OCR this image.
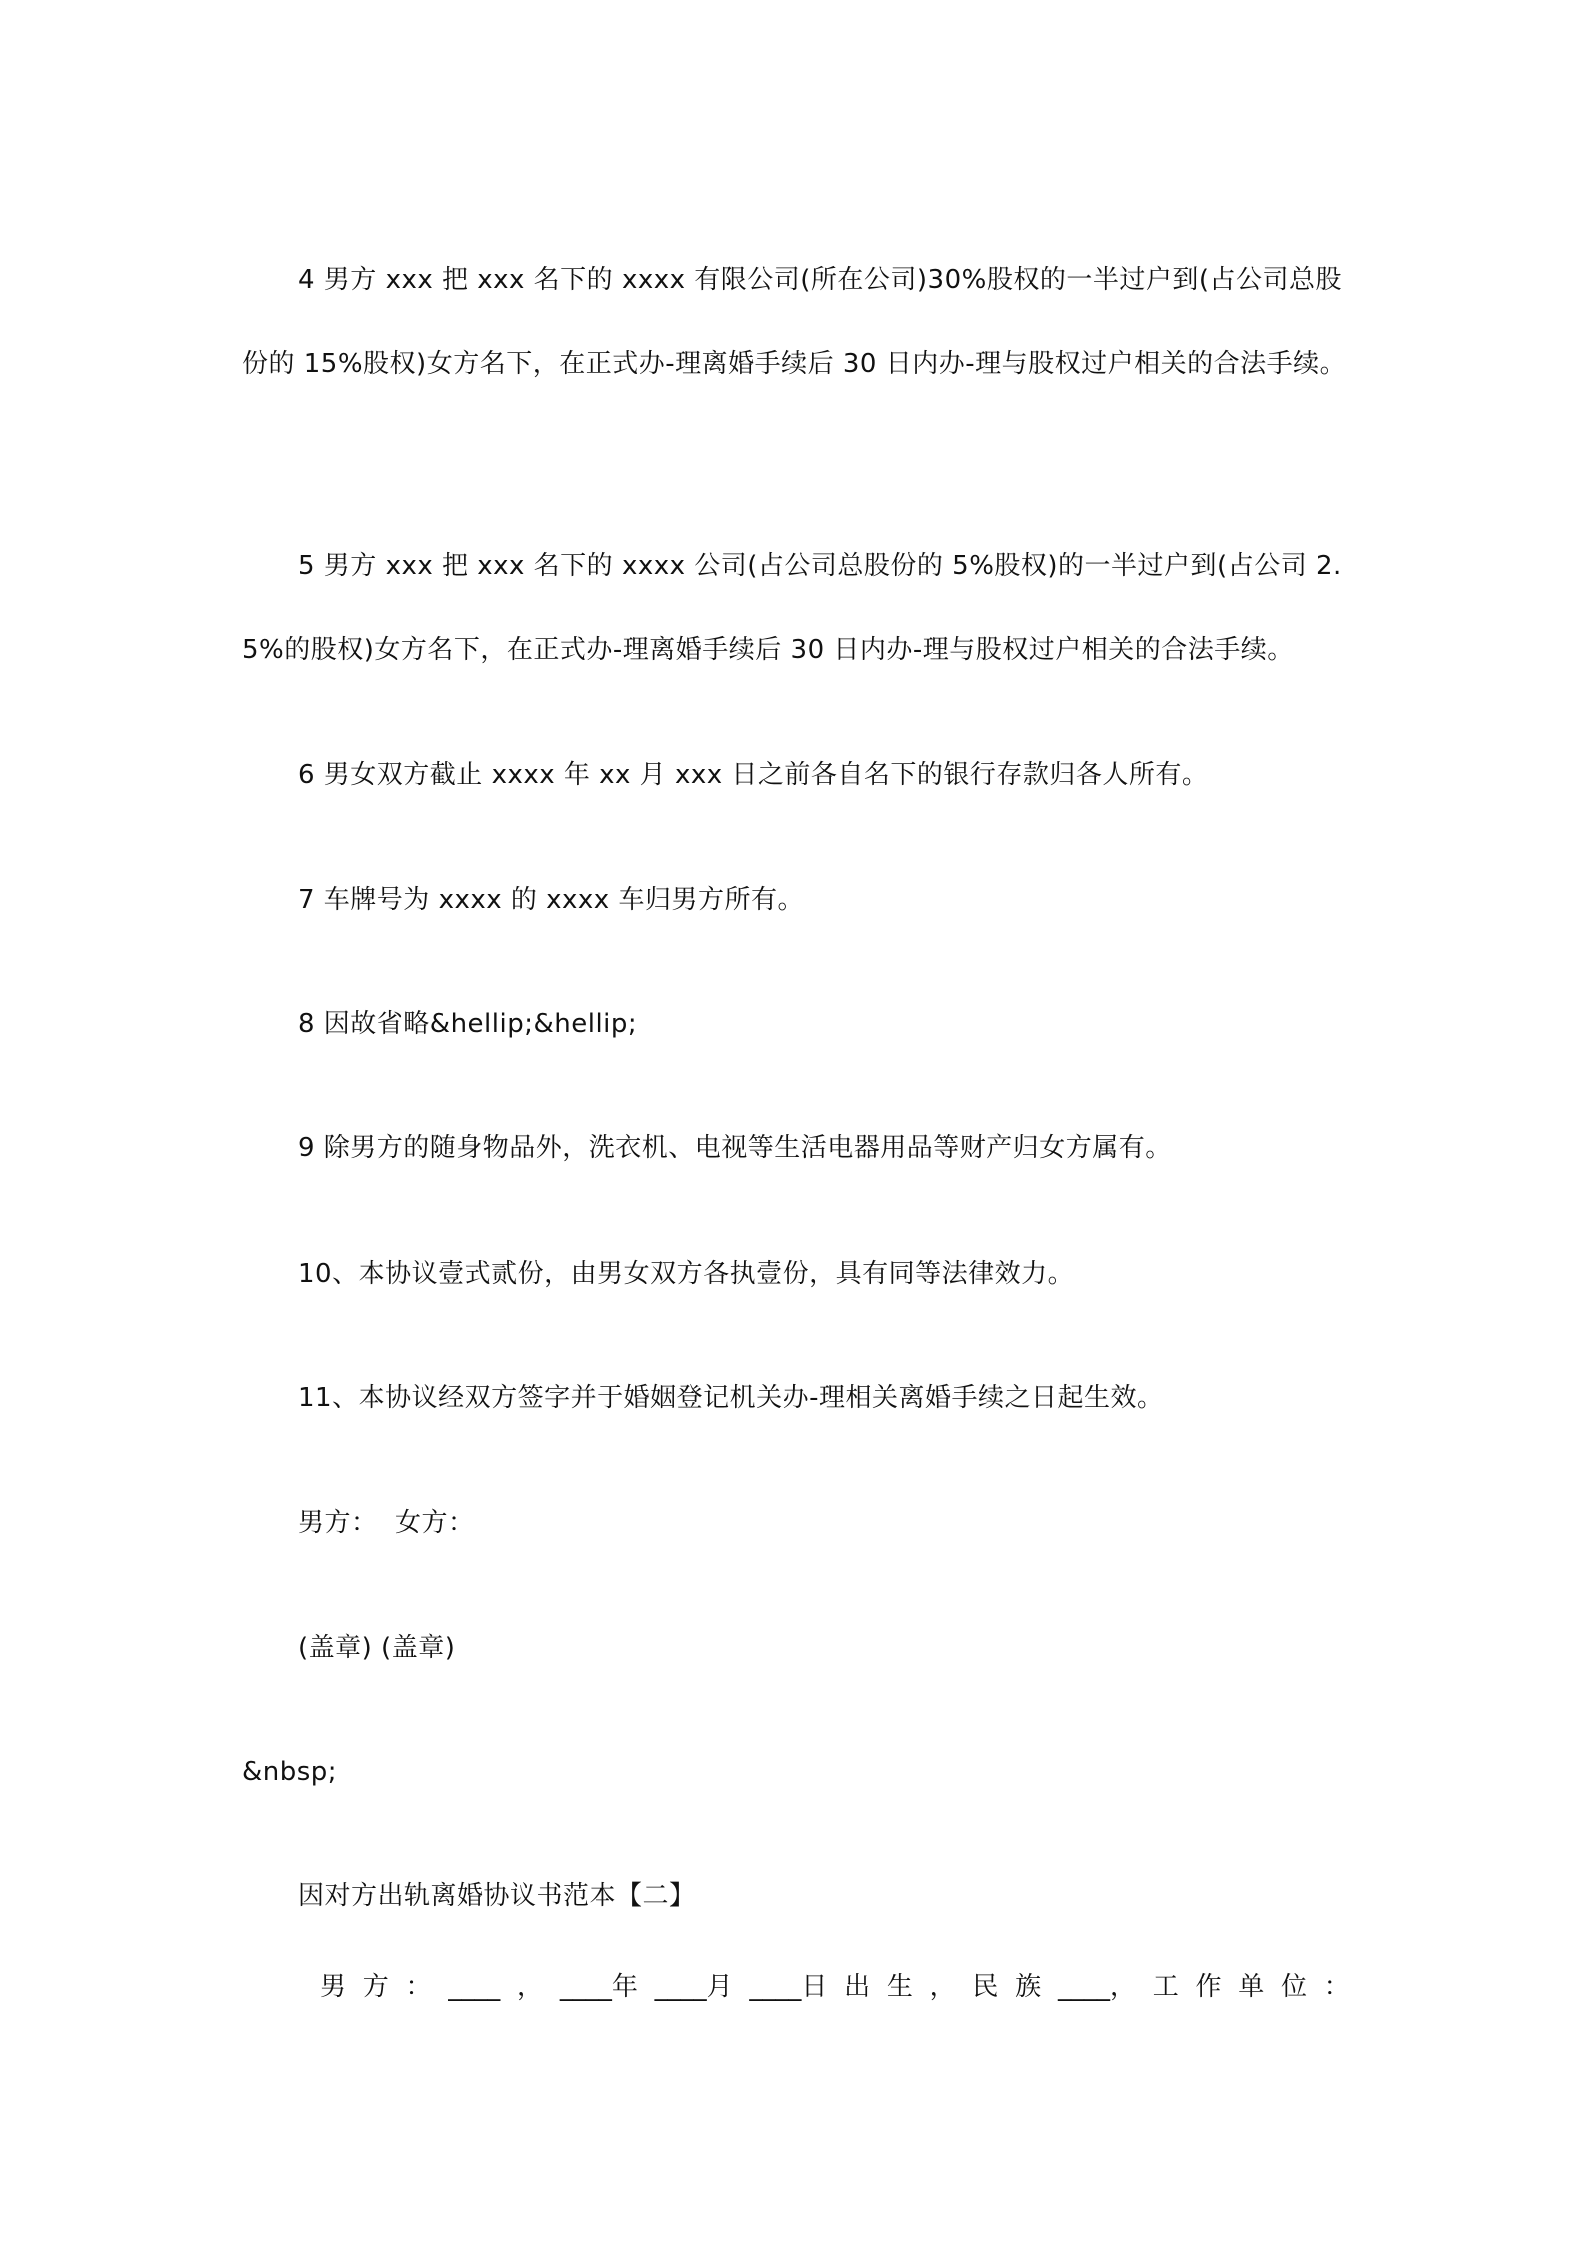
4 男方 xxx 把 xxx 名下的 xxxx 有限公司(所在公司)30%股权的一半过户到(占公司总股份的 15%股权)女方名下，在正式办-理离婚手续后 30 日内办-理与股权过户相关的合法手续。

5 男方 xxx 把 xxx 名下的 xxxx 公司(占公司总股份的 5%股权)的一半过户到(占公司 2.5%的股权)女方名下，在正式办-理离婚手续后 30 日内办-理与股权过户相关的合法手续。

6 男女双方截止 xxxx 年 xx 月 xxx 日之前各自名下的银行存款归各人所有。

7 车牌号为 xxxx 的 xxxx 车归男方所有。

8 因故省略&hellip;&hellip;

9 除男方的随身物品外，洗衣机、电视等生活电器用品等财产归女方属有。

10、本协议壹式贰份，由男女双方各执壹份，具有同等法律效力。

11、本协议经双方签字并于婚姻登记机关办-理相关离婚手续之日起生效。

男方：  女方：

(盖章) (盖章)

&nbsp;

因对方出轨离婚协议书范本【二】

男 方 ： ____ ， ____年 ____月 ____日 出 生 ， 民 族 ____， 工 作 单 位 ：
